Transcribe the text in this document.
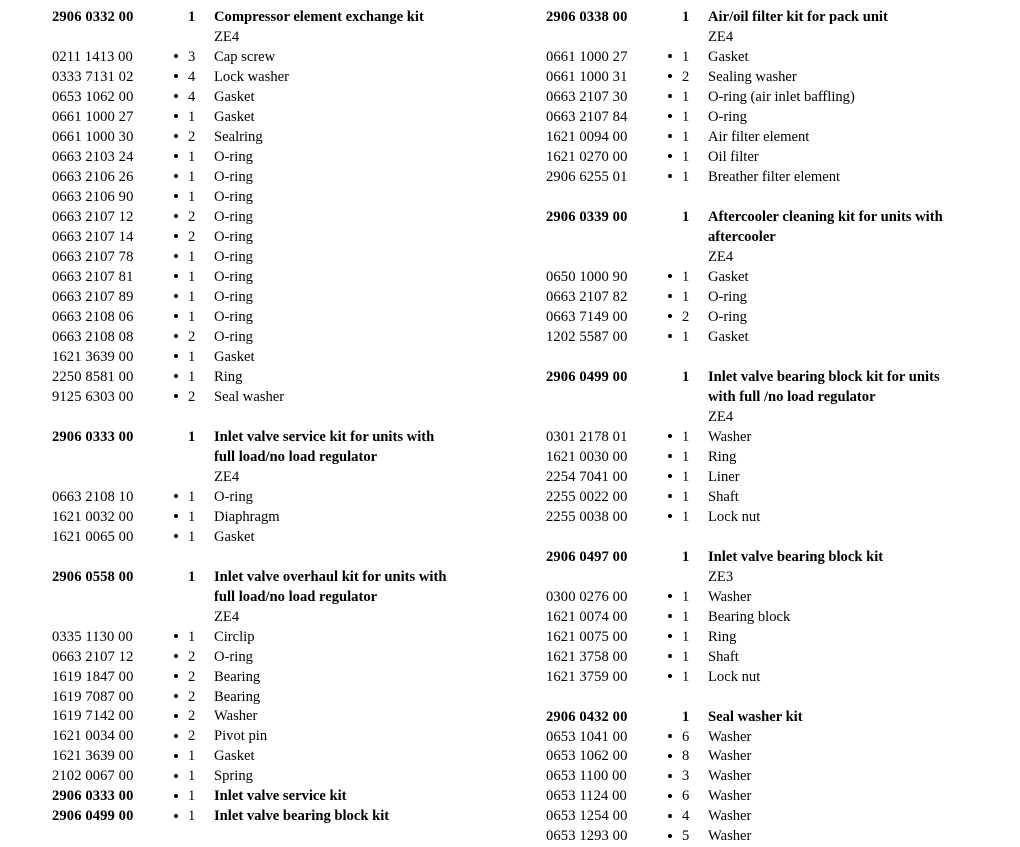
2906 0332 00		1	Compressor element exchange kit
			ZE4
0211 1413 00		3	Cap screw
0333 7131 02		4	Lock washer
0653 1062 00		4	Gasket
0661 1000 27		1	Gasket
0661 1000 30		2	Sealring
0663 2103 24		1	O-ring
0663 2106 26		1	O-ring
0663 2106 90		1	O-ring
0663 2107 12		2	O-ring
0663 2107 14		2	O-ring
0663 2107 78		1	O-ring
0663 2107 81		1	O-ring
0663 2107 89		1	O-ring
0663 2108 06		1	O-ring
0663 2108 08		2	O-ring
1621 3639 00		1	Gasket
2250 8581 00		1	Ring
9125 6303 00		2	Seal washer

2906 0333 00		1	Inlet valve service kit for units with
			full load/no load regulator
			ZE4
0663 2108 10		1	O-ring
1621 0032 00		1	Diaphragm
1621 0065 00		1	Gasket

2906 0558 00		1	Inlet valve overhaul kit for units with
			full load/no load regulator
			ZE4
0335 1130 00		1	Circlip
0663 2107 12		2	O-ring
1619 1847 00		2	Bearing
1619 7087 00		2	Bearing
1619 7142 00		2	Washer
1621 0034 00		2	Pivot pin
1621 3639 00		1	Gasket
2102 0067 00		1	Spring
2906 0333 00		1	Inlet valve service kit
2906 0499 00		1	Inlet valve bearing block kit
2906 0338 00		1	Air/oil filter kit for pack unit
			ZE4
0661 1000 27		1	Gasket
0661 1000 31		2	Sealing washer
0663 2107 30		1	O-ring (air inlet baffling)
0663 2107 84		1	O-ring
1621 0094 00		1	Air filter element
1621 0270 00		1	Oil filter
2906 6255 01		1	Breather filter element

2906 0339 00		1	Aftercooler cleaning kit for units with
			aftercooler
			ZE4
0650 1000 90		1	Gasket
0663 2107 82		1	O-ring
0663 7149 00		2	O-ring
1202 5587 00		1	Gasket

2906 0499 00		1	Inlet valve bearing block kit for units
			with full /no load regulator
			ZE4
0301 2178 01		1	Washer
1621 0030 00		1	Ring
2254 7041 00		1	Liner
2255 0022 00		1	Shaft
2255 0038 00		1	Lock nut

2906 0497 00		1	Inlet valve bearing block kit
			ZE3
0300 0276 00		1	Washer
1621 0074 00		1	Bearing block
1621 0075 00		1	Ring
1621 3758 00		1	Shaft
1621 3759 00		1	Lock nut

2906 0432 00		1	Seal washer kit
0653 1041 00		6	Washer
0653 1062 00		8	Washer
0653 1100 00		3	Washer
0653 1124 00		6	Washer
0653 1254 00		4	Washer
0653 1293 00		5	Washer
